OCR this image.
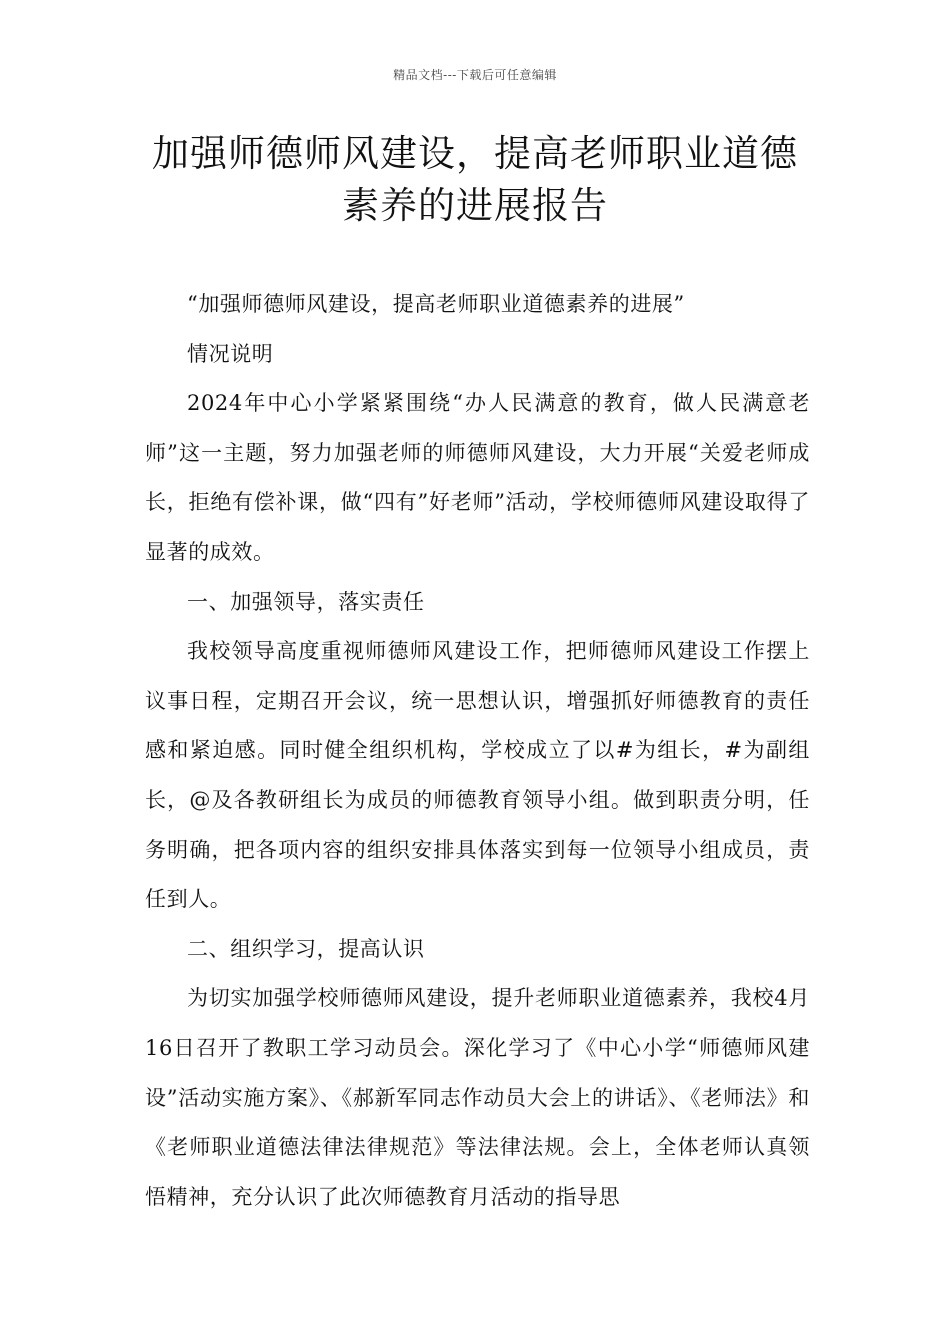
精品文档---下载后可任意编辑
加强师德师风建设，提高老师职业道德
素养的进展报告

“加强师德师风建设，提高老师职业道德素养的进展”

情况说明

2024年中心小学紧紧围绕“办人民满意的教育，做人民满意老师”这一主题，努力加强老师的师德师风建设，大力开展“关爱老师成长，拒绝有偿补课，做“四有”好老师”活动，学校师德师风建设取得了显著的成效。

一、加强领导，落实责任

我校领导高度重视师德师风建设工作，把师德师风建设工作摆上议事日程，定期召开会议，统一思想认识，增强抓好师德教育的责任感和紧迫感。同时健全组织机构，学校成立了以#为组长，#为副组长，@及各教研组长为成员的师德教育领导小组。做到职责分明，任务明确，把各项内容的组织安排具体落实到每一位领导小组成员，责任到人。

二、组织学习，提高认识

为切实加强学校师德师风建设，提升老师职业道德素养，我校4月16日召开了教职工学习动员会。深化学习了《中心小学“师德师风建设”活动实施方案》、《郝新军同志作动员大会上的讲话》、《老师法》和《老师职业道德法律法律规范》等法律法规。会上，全体老师认真领悟精神，充分认识了此次师德教育月活动的指导思
